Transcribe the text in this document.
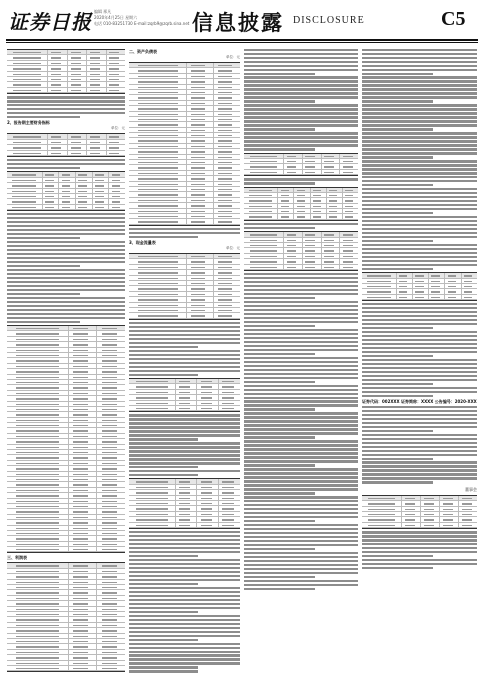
证券日报 编辑 邢凡
2020年4月25日 星期六
电话 010-83251730 E-mail:zqrb9@zqrb.sina.net 信息披露 DISCLOSURE	C5
2、报告期主要财务指标
单位：元
三、利润表
二、资产负债表
单位：元
3、现金流量表
单位：元
证券代码：002XXX 证券简称：XXXX 公告编号：2020-XXX
董事会
